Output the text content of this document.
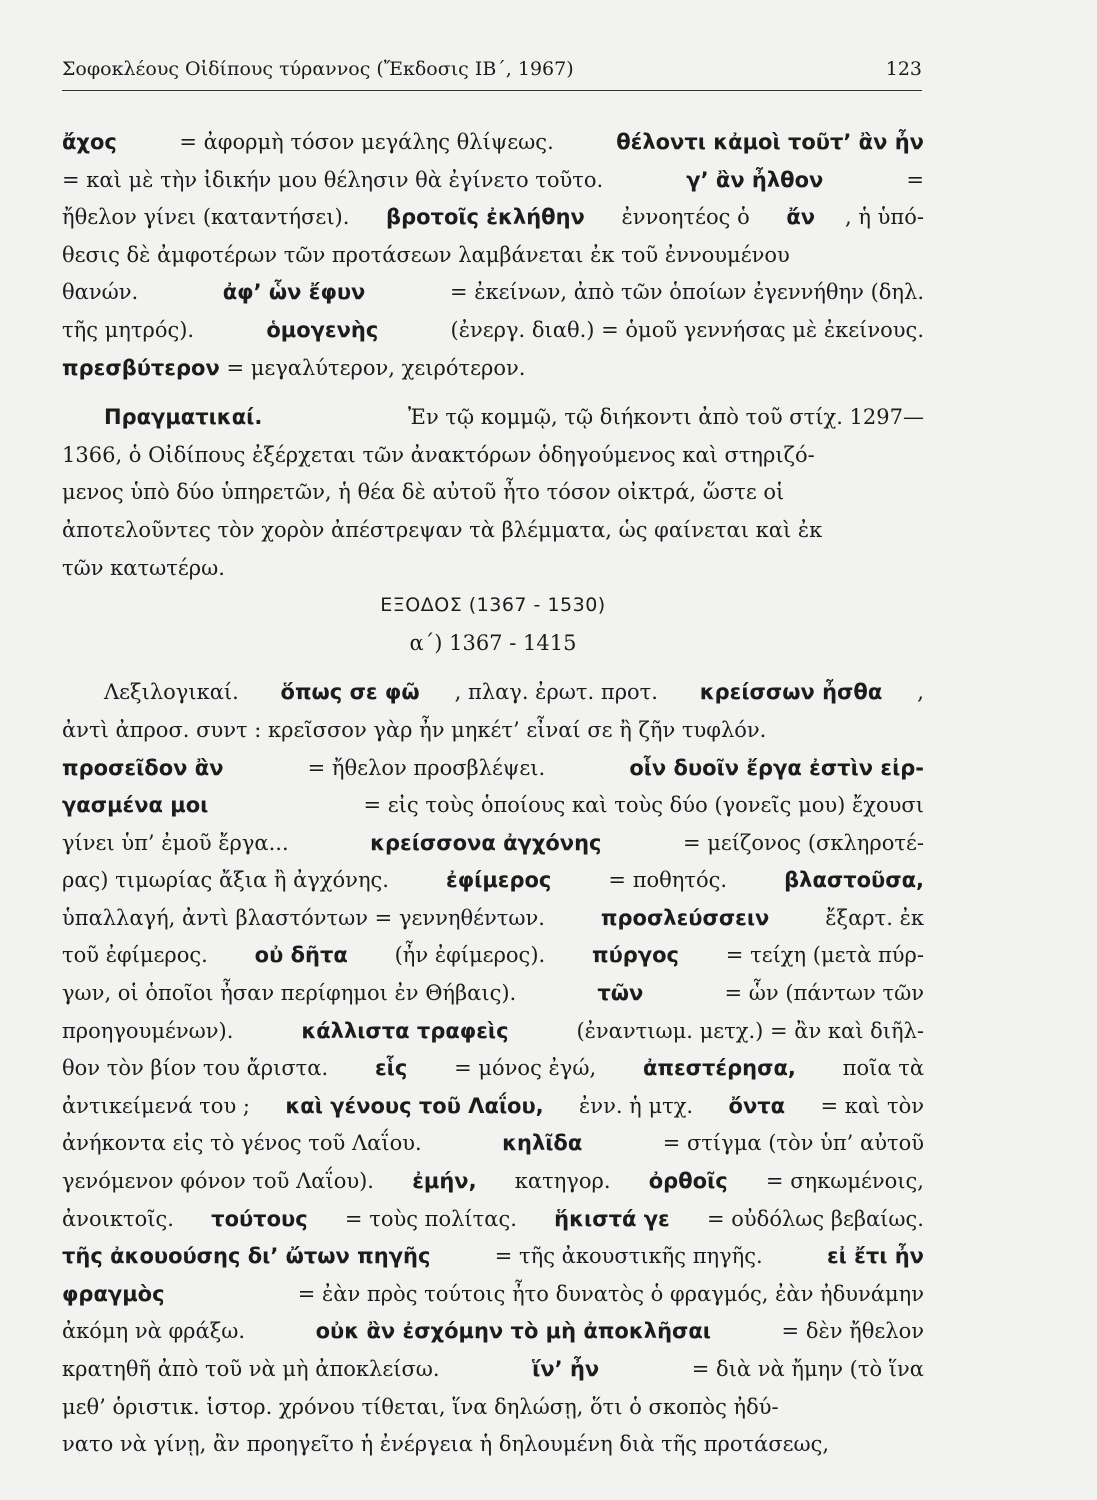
Σοφοκλέους Οἰδίπους τύραννος (Ἔκδοσις ΙΒ΄, 1967)	123
ἄχος	= ἀφορμὴ τόσον μεγάλης θλίψεως.	θέλοντι κἀμοὶ τοῦτ’ ἂν ἦν
= καὶ μὲ τὴν ἰδικήν μου θέλησιν θὰ ἐγίνετο τοῦτο.	γ’ ἂν ἦλθον	=
ἤθελον γίνει (καταντήσει). βροτοῖς ἐκλήθην ἐννοητέος ὁ ἄν , ἡ ὑπό-
θεσις δὲ ἀμφοτέρων τῶν προτάσεων λαμβάνεται ἐκ τοῦ ἐννουμένου
θανών.	ἀφ’ ὧν ἔφυν	= ἐκείνων, ἀπὸ τῶν ὁποίων ἐγεννήθην (δηλ.
τῆς μητρός).	ὁμογενὴς	(ἐνεργ. διαθ.) = ὁμοῦ γεννήσας μὲ ἐκείνους.
πρεσβύτερον = μεγαλύτερον, χειρότερον.
Πραγματικαί.	Ἐν τῷ κομμῷ, τῷ διήκοντι ἀπὸ τοῦ στίχ. 1297—
1366, ὁ Οἰδίπους ἐξέρχεται τῶν ἀνακτόρων ὁδηγούμενος καὶ στηριζό-
μενος ὑπὸ δύο ὑπηρετῶν, ἡ θέα δὲ αὐτοῦ ἦτο τόσον οἰκτρά, ὥστε οἱ
ἀποτελοῦντες τὸν χορὸν ἀπέστρεψαν τὰ βλέμματα, ὡς φαίνεται καὶ ἐκ
τῶν κατωτέρω.
ΕΞΟΔΟΣ (1367 - 1530)
α΄) 1367 - 1415
Λεξιλογικαί. ὅπως σε φῶ , πλαγ. ἐρωτ. προτ. κρείσσων ἦσθα ,
ἀντὶ ἀπροσ. συντ : κρεῖσσον γὰρ ἦν μηκέτ’ εἶναί σε ἢ ζῆν τυφλόν.
προσεῖδον ἂν	= ἤθελον προσβλέψει.	οἷν δυοῖν ἔργα ἐστὶν εἰρ-
γασμένα μοι	= εἰς τοὺς ὁποίους καὶ τοὺς δύο (γονεῖς μου) ἔχουσι
γίνει ὑπ’ ἐμοῦ ἔργα...	κρείσσονα ἀγχόνης	= μείζονος (σκληροτέ-
ρας) τιμωρίας ἄξια ἢ ἀγχόνης. ἐφίμερος = ποθητός. βλαστοῦσα,
ὑπαλλαγή, ἀντὶ βλαστόντων = γεννηθέντων. προσλεύσσειν ἔξαρτ. ἐκ
τοῦ ἐφίμερος. οὐ δῆτα (ἦν ἐφίμερος). πύργος = τείχη (μετὰ πύρ-
γων, οἱ ὁποῖοι ἦσαν περίφημοι ἐν Θήβαις).	τῶν	= ὧν (πάντων τῶν
προηγουμένων).	κάλλιστα τραφεὶς	(ἐναντιωμ. μετχ.) = ἂν καὶ διῆλ-
θον τὸν βίον του ἄριστα. εἷς = μόνος ἐγώ, ἀπεστέρησα, ποῖα τὰ
ἀντικείμενά του ; καὶ γένους τοῦ Λαΐου, ἐνν. ἡ μτχ. ὄντα = καὶ τὸν
ἀνήκοντα εἰς τὸ γένος τοῦ Λαΐου.	κηλῖδα	= στίγμα (τὸν ὑπ’ αὐτοῦ
γενόμενον φόνον τοῦ Λαΐου). ἐμήν, κατηγορ. ὀρθοῖς = σηκωμένοις,
ἀνοικτοῖς. τούτους = τοὺς πολίτας. ἥκιστά γε = οὐδόλως βεβαίως.
τῆς ἀκουούσης δι’ ὤτων πηγῆς	= τῆς ἀκουστικῆς πηγῆς.	εἰ ἔτι ἦν
φραγμὸς	= ἐὰν πρὸς τούτοις ἦτο δυνατὸς ὁ φραγμός, ἐὰν ἠδυνάμην
ἀκόμη νὰ φράξω.	οὐκ ἂν ἐσχόμην τὸ μὴ ἀποκλῆσαι	= δὲν ἤθελον
κρατηθῆ ἀπὸ τοῦ νὰ μὴ ἀποκλείσω.	ἵν’ ἦν	= διὰ νὰ ἤμην (τὸ ἵνα
μεθ’ ὁριστικ. ἱστορ. χρόνου τίθεται, ἵνα δηλώσῃ, ὅτι ὁ σκοπὸς ἠδύ-
νατο νὰ γίνῃ, ἂν προηγεῖτο ἡ ἐνέργεια ἡ δηλουμένη διὰ τῆς προτάσεως,
